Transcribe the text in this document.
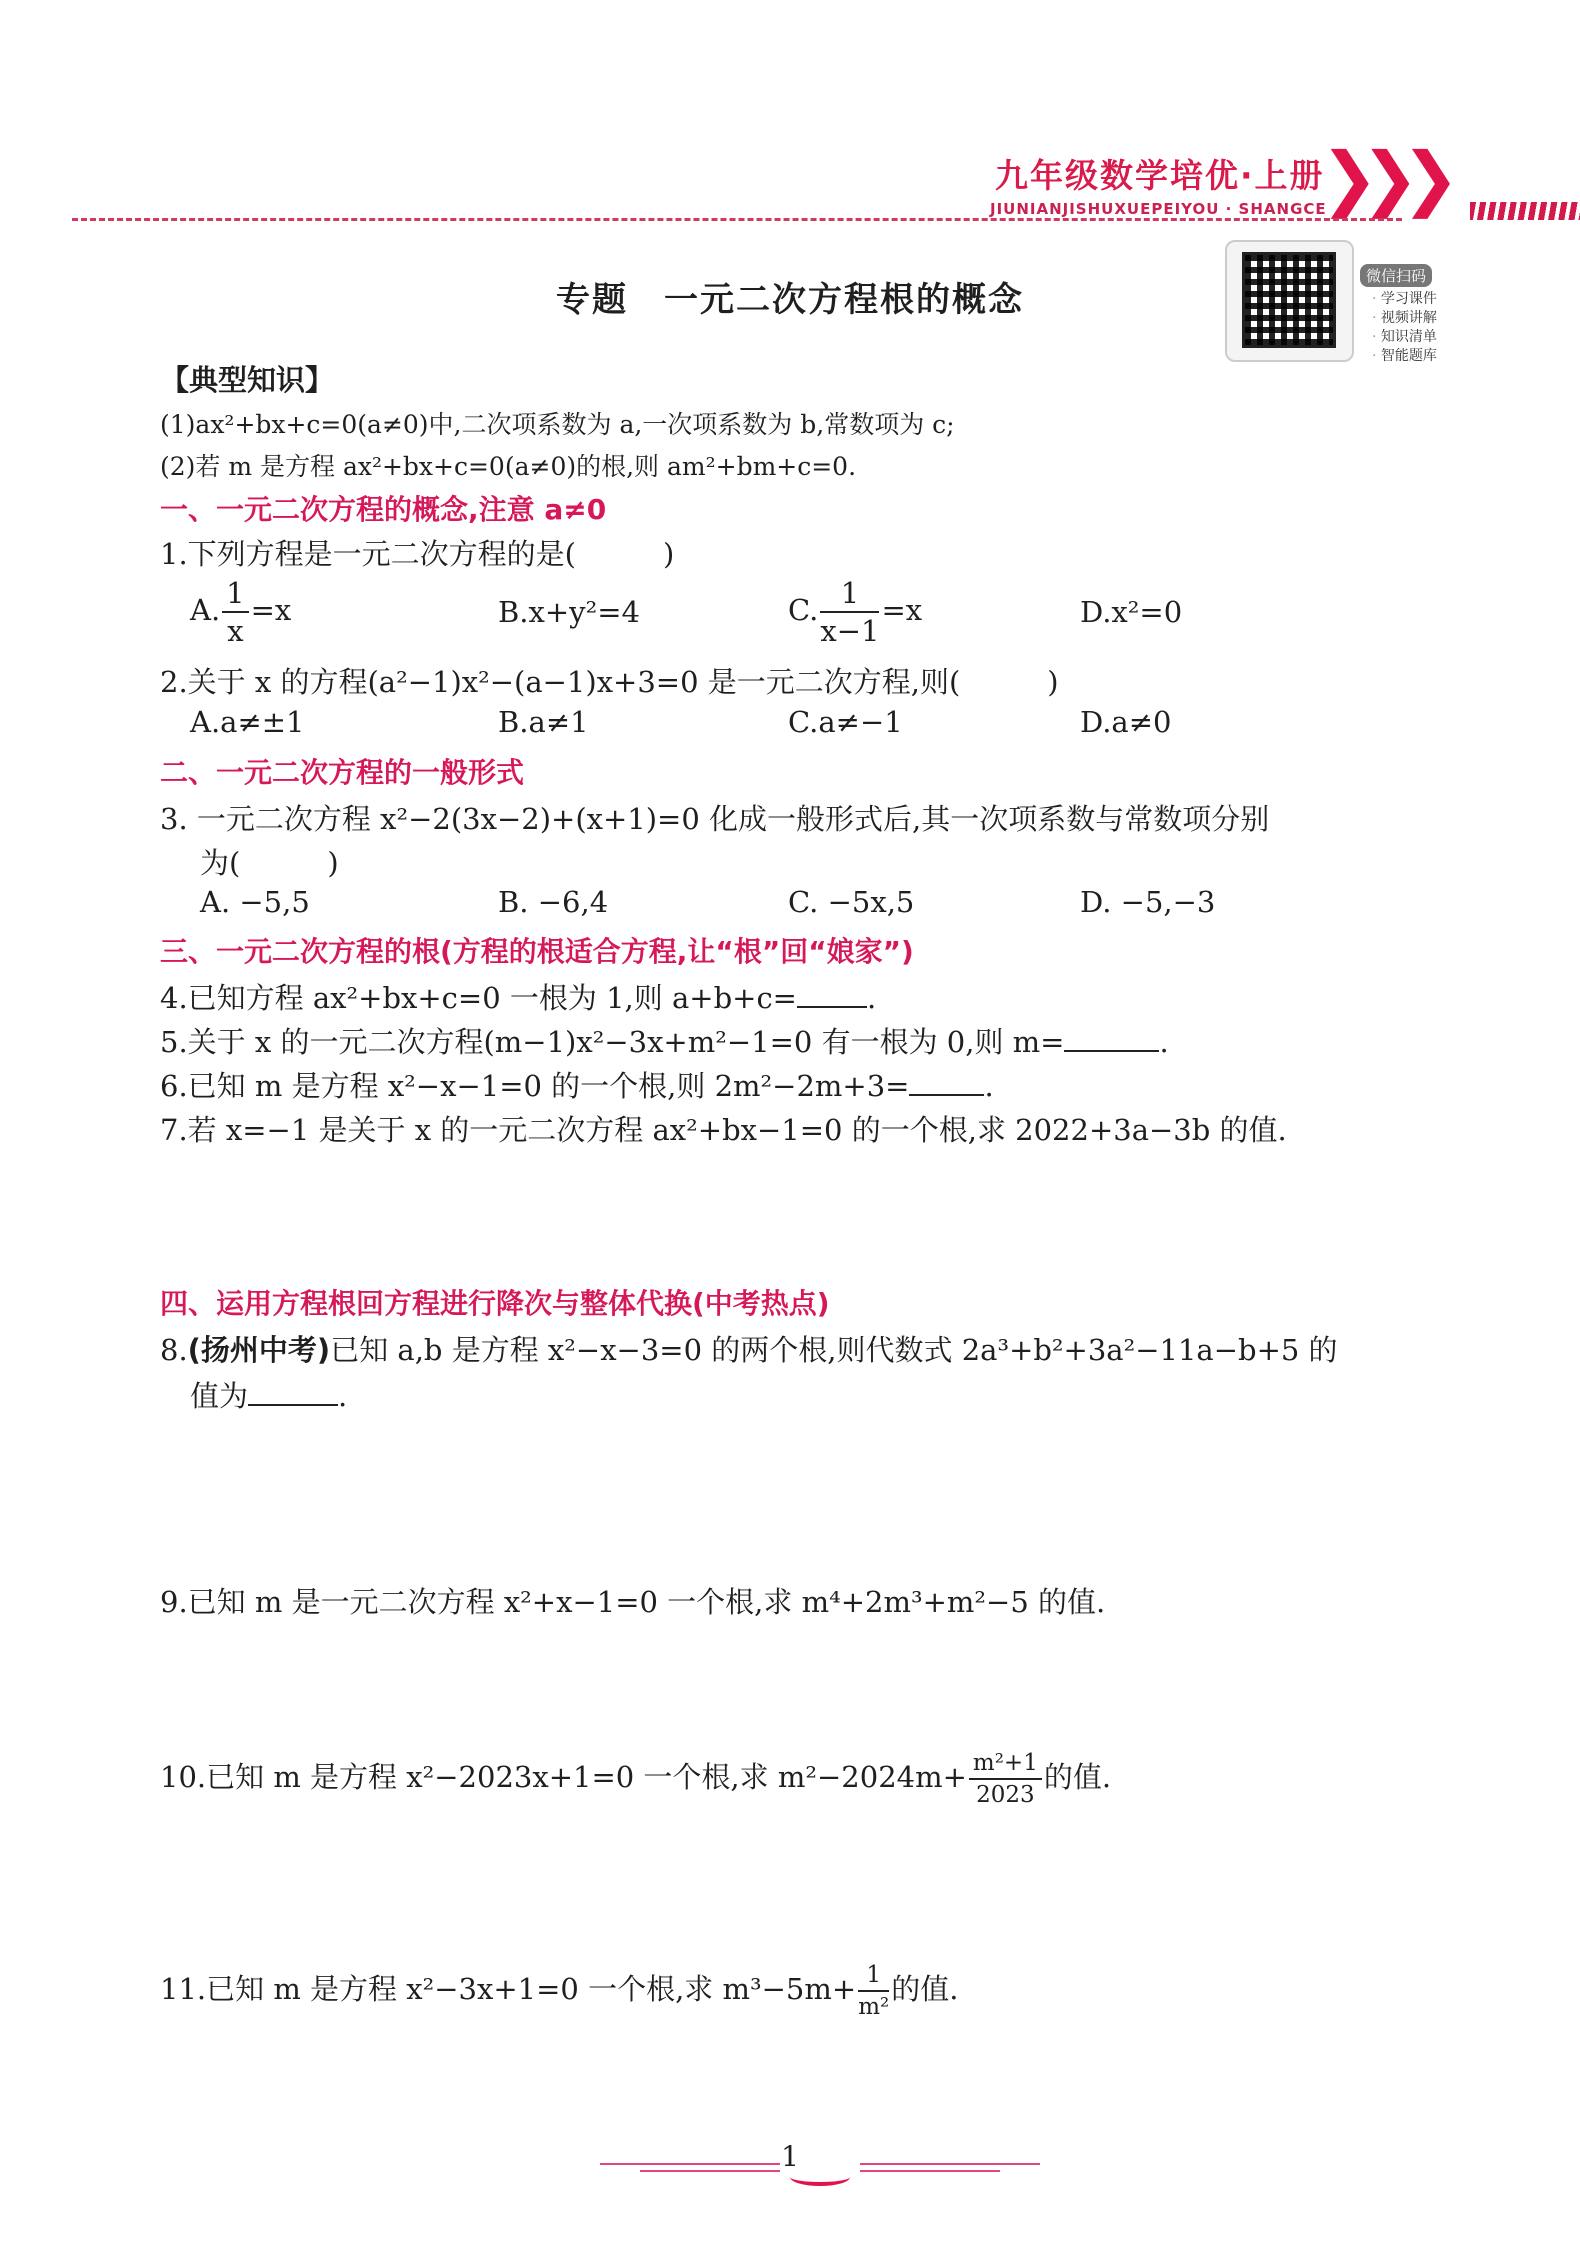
九年级数学培优·上册
JIUNIANJISHUXUEPEIYOU · SHANGCE
❯❯❯
专题　一元二次方程根的概念
微信扫码
· 学习课件
· 视频讲解
· 知识清单
· 智能题库
【典型知识】
(1)ax²+bx+c=0(a≠0)中,二次项系数为 a,一次项系数为 b,常数项为 c;
(2)若 m 是方程 ax²+bx+c=0(a≠0)的根,则 am²+bm+c=0.
一、一元二次方程的概念,注意 a≠0
1.下列方程是一元二次方程的是(　　　)
A. $\frac{1}{x} =x$	B.x+y²=4	C. $\frac{1}{x-1} =x$	D.x²=0
2.关于 x 的方程(a²−1)x²−(a−1)x+3=0 是一元二次方程,则(　　　)
A.a≠±1	B.a≠1	C.a≠−1	D.a≠0
二、一元二次方程的一般形式
3. 一元二次方程 x²−2(3x−2)+(x+1)=0 化成一般形式后,其一次项系数与常数项分别
为(　　　)
A. −5,5	B. −6,4	C. −5x,5	D. −5,−3
三、一元二次方程的根(方程的根适合方程,让“根”回“娘家”)
4.已知方程 ax²+bx+c=0 一根为 1,则 a+b+c= .
5.关于 x 的一元二次方程(m−1)x²−3x+m²−1=0 有一根为 0,则 m=	.
6.已知 m 是方程 x²−x−1=0 的一个根,则 2m²−2m+3=	.
7.若 x=−1 是关于 x 的一元二次方程 ax²+bx−1=0 的一个根,求 2022+3a−3b 的值.
四、运用方程根回方程进行降次与整体代换(中考热点)
8.(扬州中考)已知 a,b 是方程 x²−x−3=0 的两个根,则代数式 2a³+b²+3a²−11a−b+5 的
值为	.
9.已知 m 是一元二次方程 x²+x−1=0 一个根,求 m⁴+2m³+m²−5 的值.
10.已知 m 是方程 x²−2023x+1=0 一个根,求 $m^2-2024m+ \frac{\text{m²+1}}{2023}$ 的值.
11.已知 m 是方程 x²−3x+1=0 一个根,求 $m^3-5m+ \frac{1}{\text{m²}}$ 的值.
1
